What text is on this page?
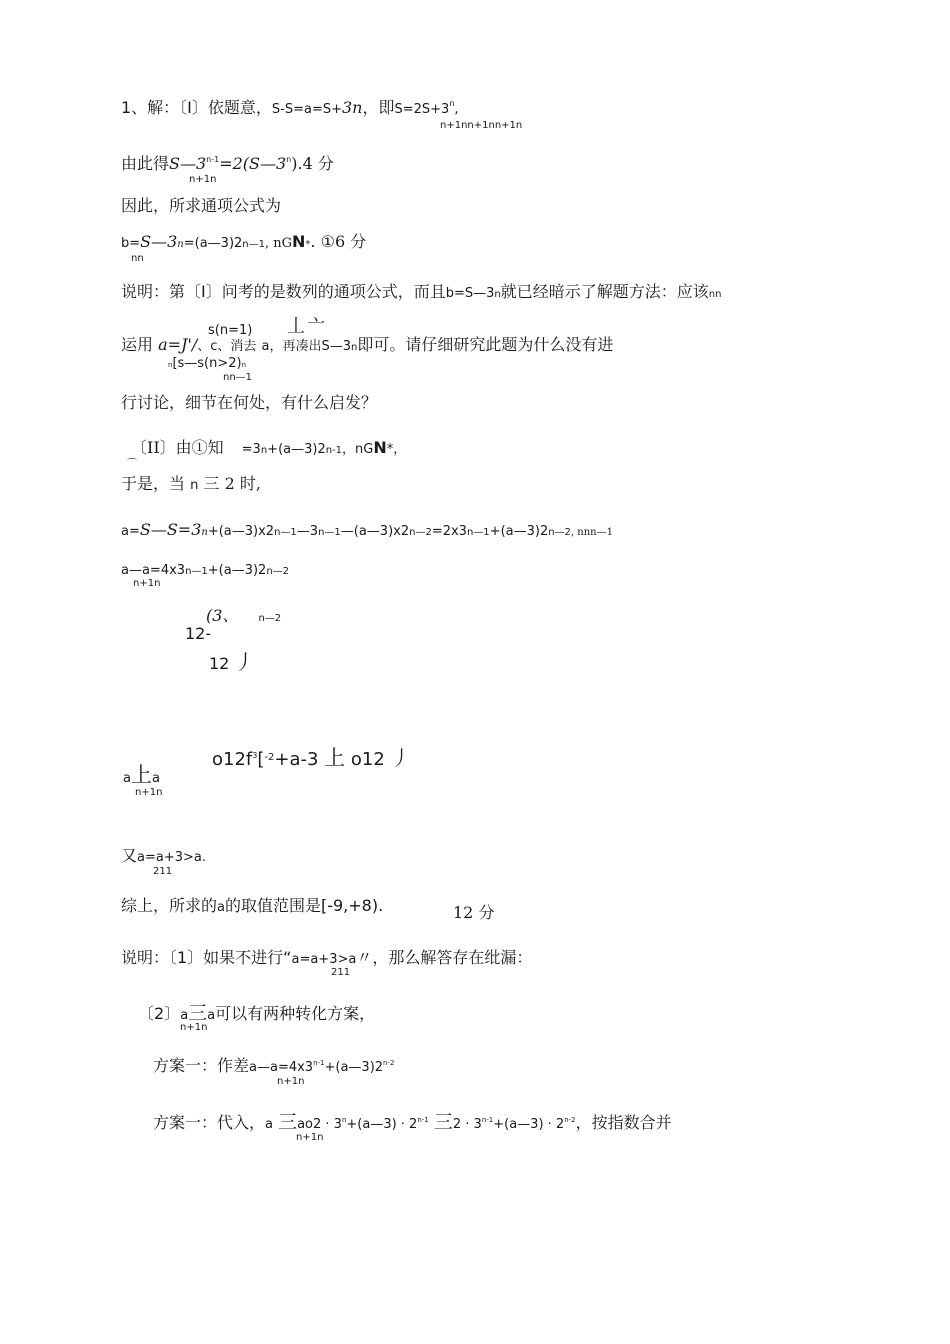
1、解：〔I〕依题意，S-S=a=S+3n，即$S=2S+3^n$,
n+1nn+1nn+1n
由此得$S—3^{n-1}=2(S—3^n).4$ 分
n+1n
因此，所求通项公式为
b=S—3n=(a—3)2n—1, nGN*. ①6 分
nn
说明：第〔I〕问考的是数列的通项公式，而且b=S—3n就已经暗示了解题方法：应该nn
s(n=1) 丄 亠
运用 a=J'/、c、消去 a，再凑出S—3n即可。请仔细研究此题为什么没有进
n[s—s(n>2)n
nn—1
行讨论，细节在何处，有什么启发？
〔II〕由①知 =3n+(a—3)2n-1，nGN*，
⌒
于是，当 n 三 2 时,
a=S—S=3n+(a—3)x2n—1—3n—1—(a—3)x2n—2=2x3n—1+(a—3)2n—2, nnn—1
a—a=4x3n—1+(a—3)2n—2
n+1n
(3、 n—2
12-
12 丿
a上a
n+1n
$o12f^3[^{-2}+a-3$ 上 o12 丿
又a=a+3>a.
211
综上，所求的a的取值范围是[-9,+8).	12 分
说明：〔1〕如果不进行“a=a+3>a〃，那么解答存在纰漏：
211
〔2〕a三a可以有两种转化方案，
n+1n
方案一：作差$a—a=4x3^{n-1}+(a—3)2^{n-2}$
n+1n
方案一：代入，a 三$ao2 \cdot 3^n+(a—3) \cdot 2^{n-1}$ 三$2 \cdot 3^{n-1}+(a—3) \cdot 2^{n-2}$，按指数合并
n+1n
